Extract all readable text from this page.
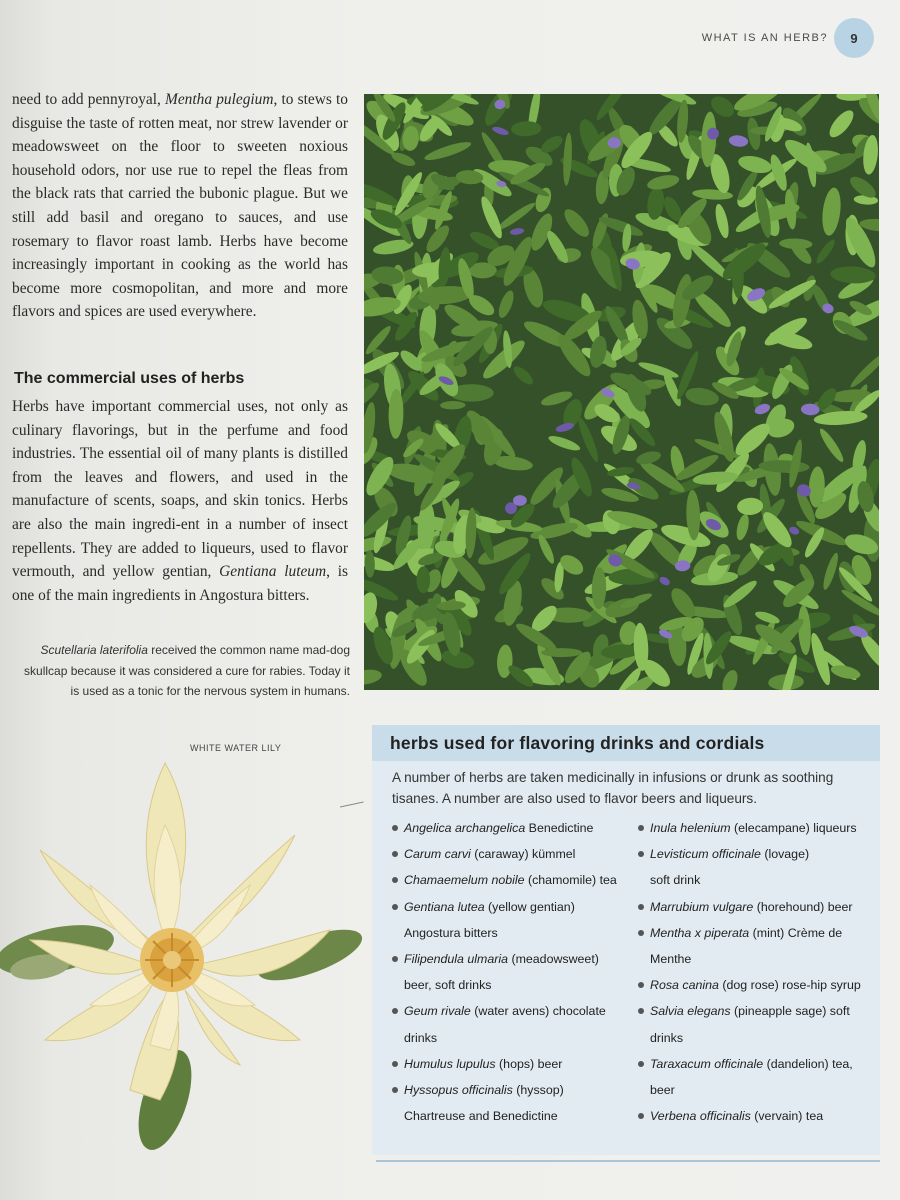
WHAT IS AN HERB? 9

need to add pennyroyal, Mentha pulegium, to stews to disguise the taste of rotten meat, nor strew lavender or meadowsweet on the floor to sweeten noxious household odors, nor use rue to repel the fleas from the black rats that carried the bubonic plague. But we still add basil and oregano to sauces, and use rosemary to flavor roast lamb. Herbs have become increasingly important in cooking as the world has become more cosmopolitan, and more and more flavors and spices are used everywhere.

The commercial uses of herbs

Herbs have important commercial uses, not only as culinary flavorings, but in the perfume and food industries. The essential oil of many plants is distilled from the leaves and flowers, and used in the manufacture of scents, soaps, and skin tonics. Herbs are also the main ingredi-ent in a number of insect repellents. They are added to liqueurs, used to flavor vermouth, and yellow gentian, Gentiana luteum, is one of the main ingredients in Angostura bitters.

Scutellaria laterifolia received the common name mad-dog skullcap because it was considered a cure for rabies. Today it is used as a tonic for the nervous system in humans.

WHITE WATER LILY	herbs used for flavoring drinks and cordials

A number of herbs are taken medicinally in infusions or drunk as soothing tisanes. A number are also used to flavor beers and liqueurs.

Angelica archangelica Benedictine
Carum carvi (caraway) kümmel
Chamaemelum nobile (chamomile) tea
Gentiana lutea (yellow gentian)
Angostura bitters
Filipendula ulmaria (meadowsweet)
beer, soft drinks
Geum rivale (water avens) chocolate
drinks
Humulus lupulus (hops) beer
Hyssopus officinalis (hyssop)
Chartreuse and Benedictine
Inula helenium (elecampane) liqueurs
Levisticum officinale (lovage)
soft drink
Marrubium vulgare (horehound) beer
Mentha x piperata (mint) Crème de
Menthe
Rosa canina (dog rose) rose-hip syrup
Salvia elegans (pineapple sage) soft
drinks
Taraxacum officinale (dandelion) tea,
beer
Verbena officinalis (vervain) tea
